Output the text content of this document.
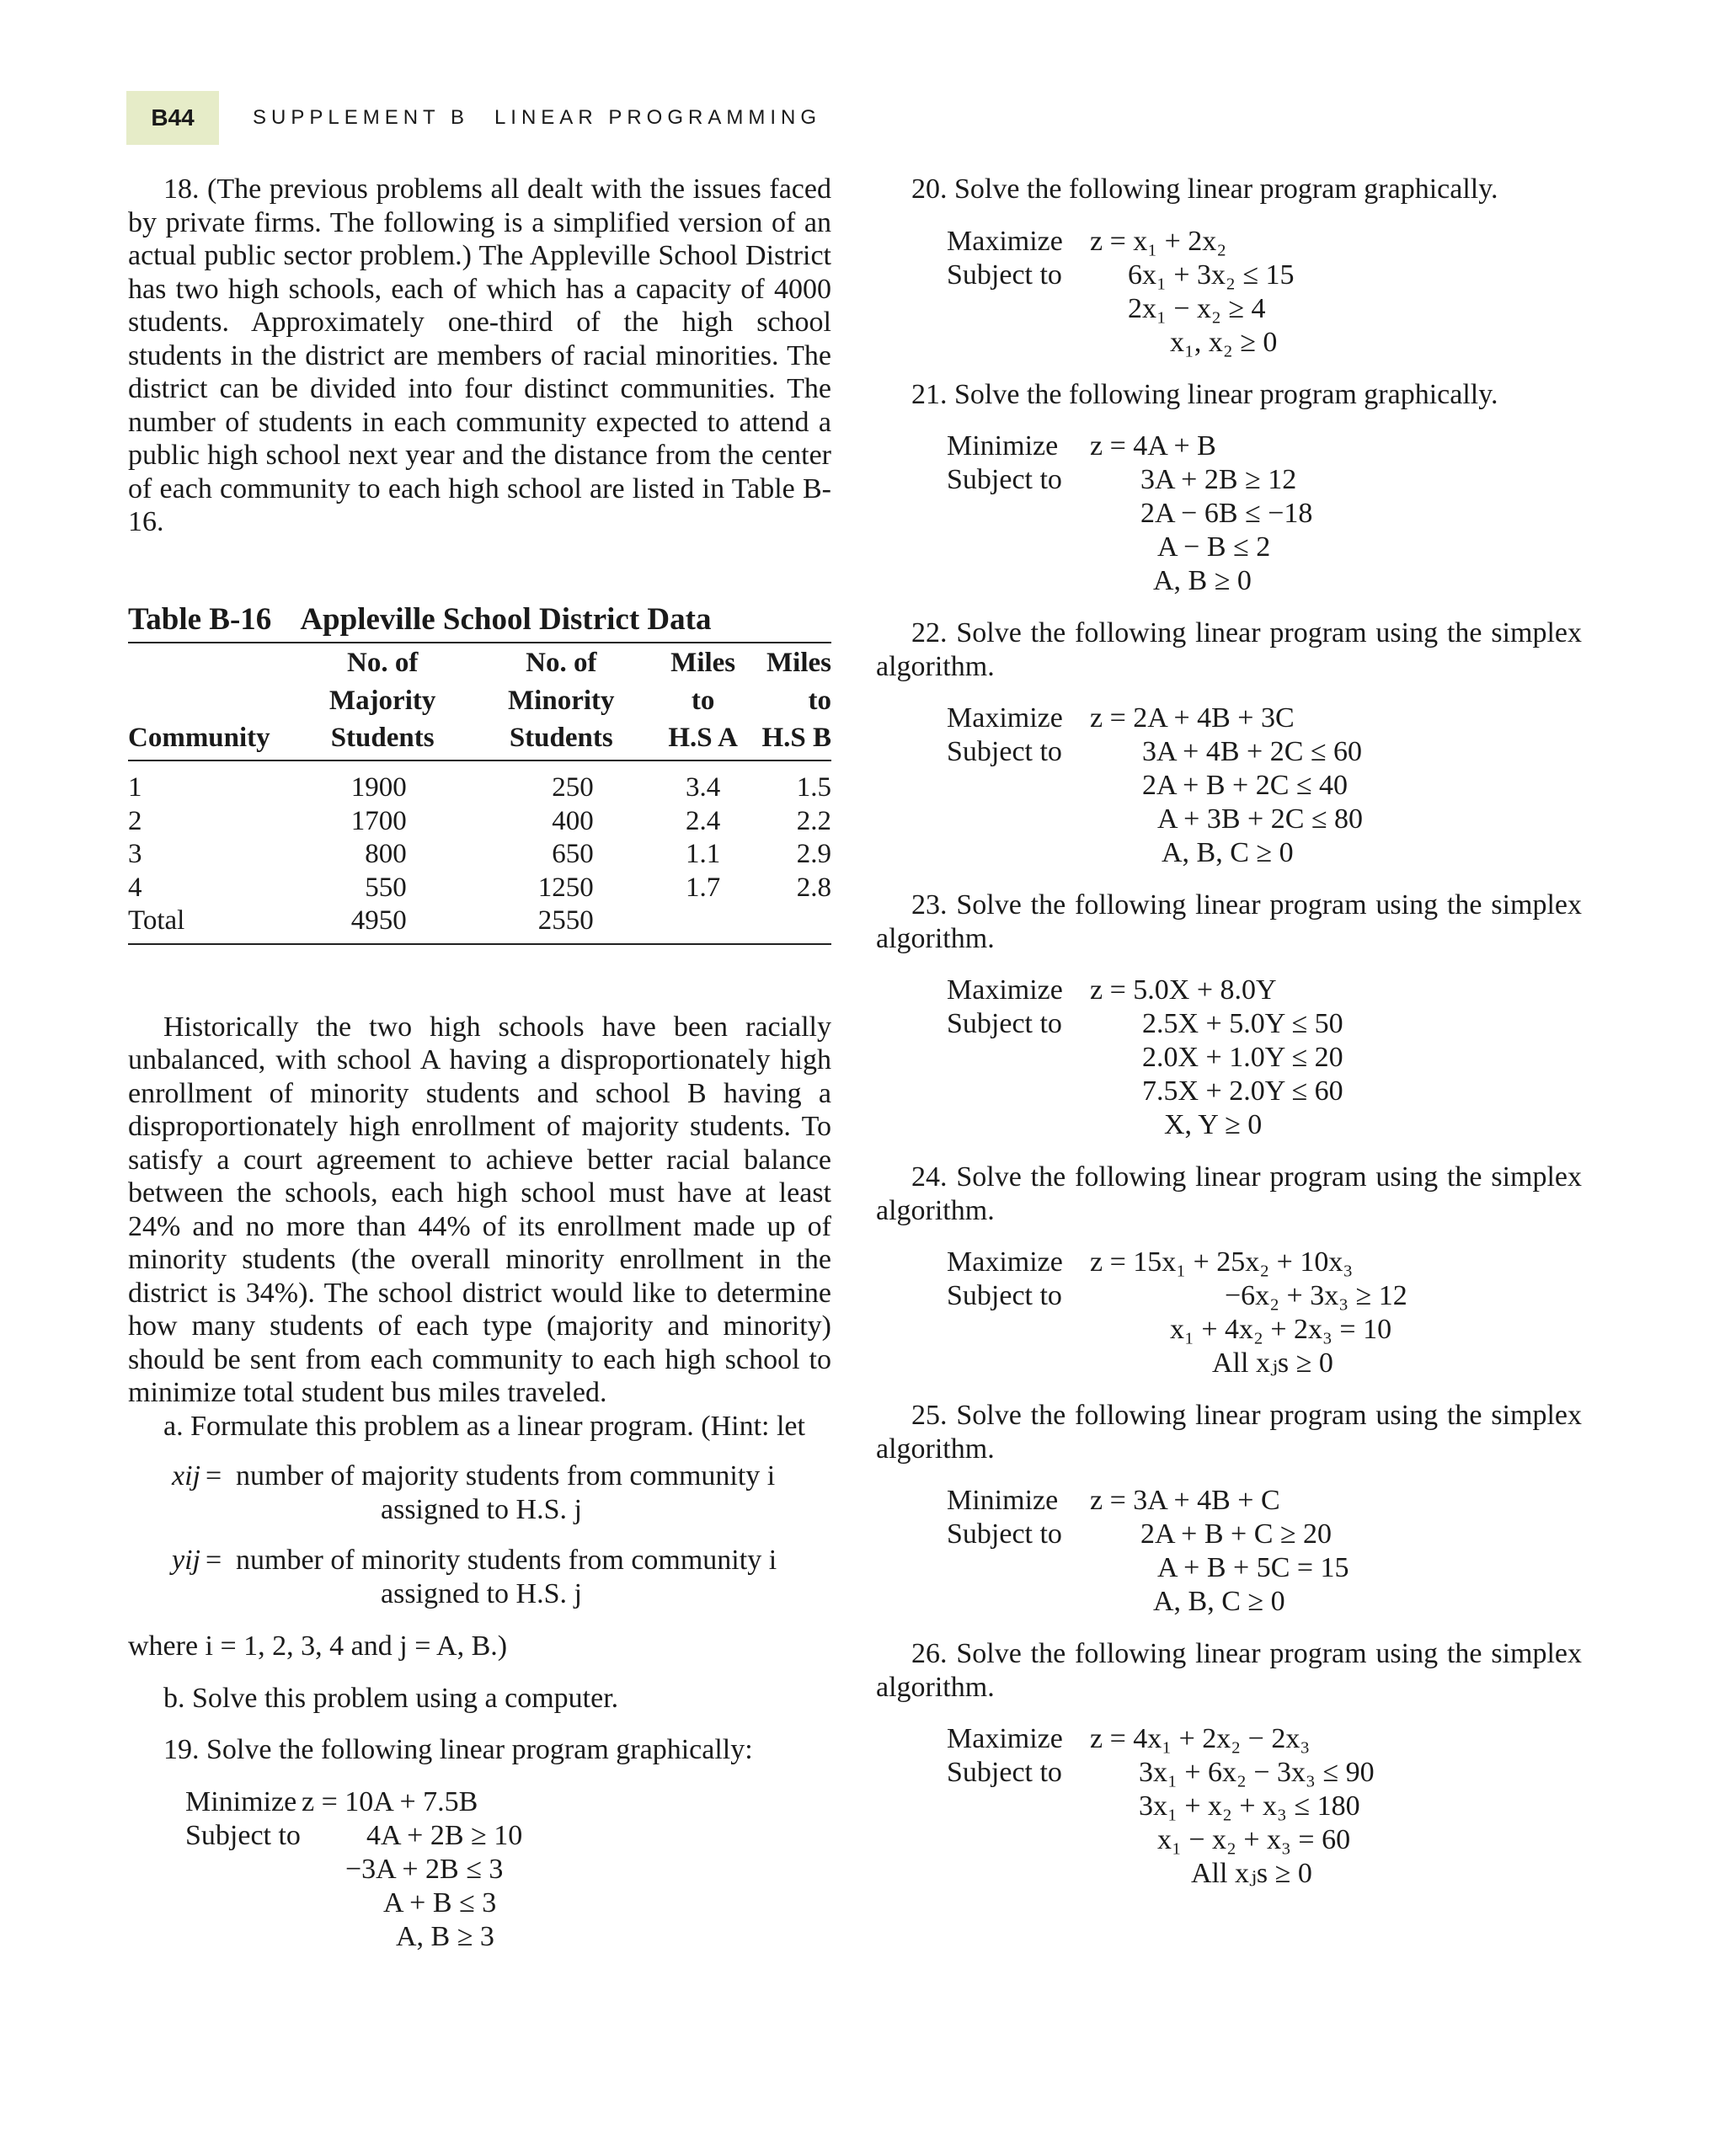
B44	SUPPLEMENT B LINEAR PROGRAMMING

18. (The previous problems all dealt with the issues faced by private firms. The following is a simplified version of an actual public sector problem.) The Appleville School District has two high schools, each of which has a capacity of 4000 students. Approximately one-third of the high school students in the district are members of racial minorities. The district can be divided into four distinct communities. The number of students in each community expected to attend a public high school next year and the distance from the center of each community to each high school are listed in Table B-16.

Table B-16 Appleville School District Data
	No. of	No. of	Miles	Miles
	Majority	Minority	to	to
Community	Students	Students	H.S A	H.S B
1	1900	250	3.4	1.5
2	1700	400	2.4	2.2
3	800	650	1.1	2.9
4	550	1250	1.7	2.8
Total	4950	2550		

Historically the two high schools have been racially unbalanced, with school A having a disproportionately high enrollment of minority students and school B having a disproportionately high enrollment of majority students. To satisfy a court agreement to achieve better racial balance between the schools, each high school must have at least 24% and no more than 44% of its enrollment made up of minority students (the overall minority enrollment in the district is 34%). The school district would like to determine how many students of each type (majority and minority) should be sent from each community to each high school to minimize total student bus miles traveled.

a. Formulate this problem as a linear program. (Hint: let

xij = number of majority students from community i
assigned to H.S. j
yij = number of minority students from community i
assigned to H.S. j

where i = 1, 2, 3, 4 and j = A, B.)

b. Solve this problem using a computer.

19. Solve the following linear program graphically:

Minimize z = 10A + 7.5B
Subject to 4A + 2B ≥ 10
−3A + 2B ≤ 3
A + B ≤ 3
A, B ≥ 3

20. Solve the following linear program graphically.

Maximize z = x₁ + 2x₂
Subject to 6x₁ + 3x₂ ≤ 15
2x₁ − x₂ ≥ 4
x₁, x₂ ≥ 0

21. Solve the following linear program graphically.

Minimize z = 4A + B
Subject to	3A + 2B ≥ 12
2A − 6B ≤ −18
A − B ≤ 2
A, B ≥ 0

22. Solve the following linear program using the simplex algorithm.

Maximize z = 2A + 4B + 3C
Subject to	3A + 4B + 2C ≤ 60
2A + B + 2C ≤ 40
A + 3B + 2C ≤ 80
A, B, C ≥ 0

23. Solve the following linear program using the simplex algorithm.

Maximize z = 5.0X + 8.0Y
Subject to	2.5X + 5.0Y ≤ 50
2.0X + 1.0Y ≤ 20
7.5X + 2.0Y ≤ 60
X, Y ≥ 0

24. Solve the following linear program using the simplex algorithm.

Maximize z = 15x₁ + 25x₂ + 10x₃
Subject to	−6x₂ + 3x₃ ≥ 12
x₁ + 4x₂ + 2x₃ = 10
All xⱼs ≥ 0

25. Solve the following linear program using the simplex algorithm.

Minimize z = 3A + 4B + C
Subject to	2A + B + C ≥ 20
A + B + 5C = 15
A, B, C ≥ 0

26. Solve the following linear program using the simplex algorithm.

Maximize z = 4x₁ + 2x₂ − 2x₃
Subject to	3x₁ + 6x₂ − 3x₃ ≤ 90
3x₁ + x₂ + x₃ ≤ 180
x₁ − x₂ + x₃ = 60
All xⱼs ≥ 0
